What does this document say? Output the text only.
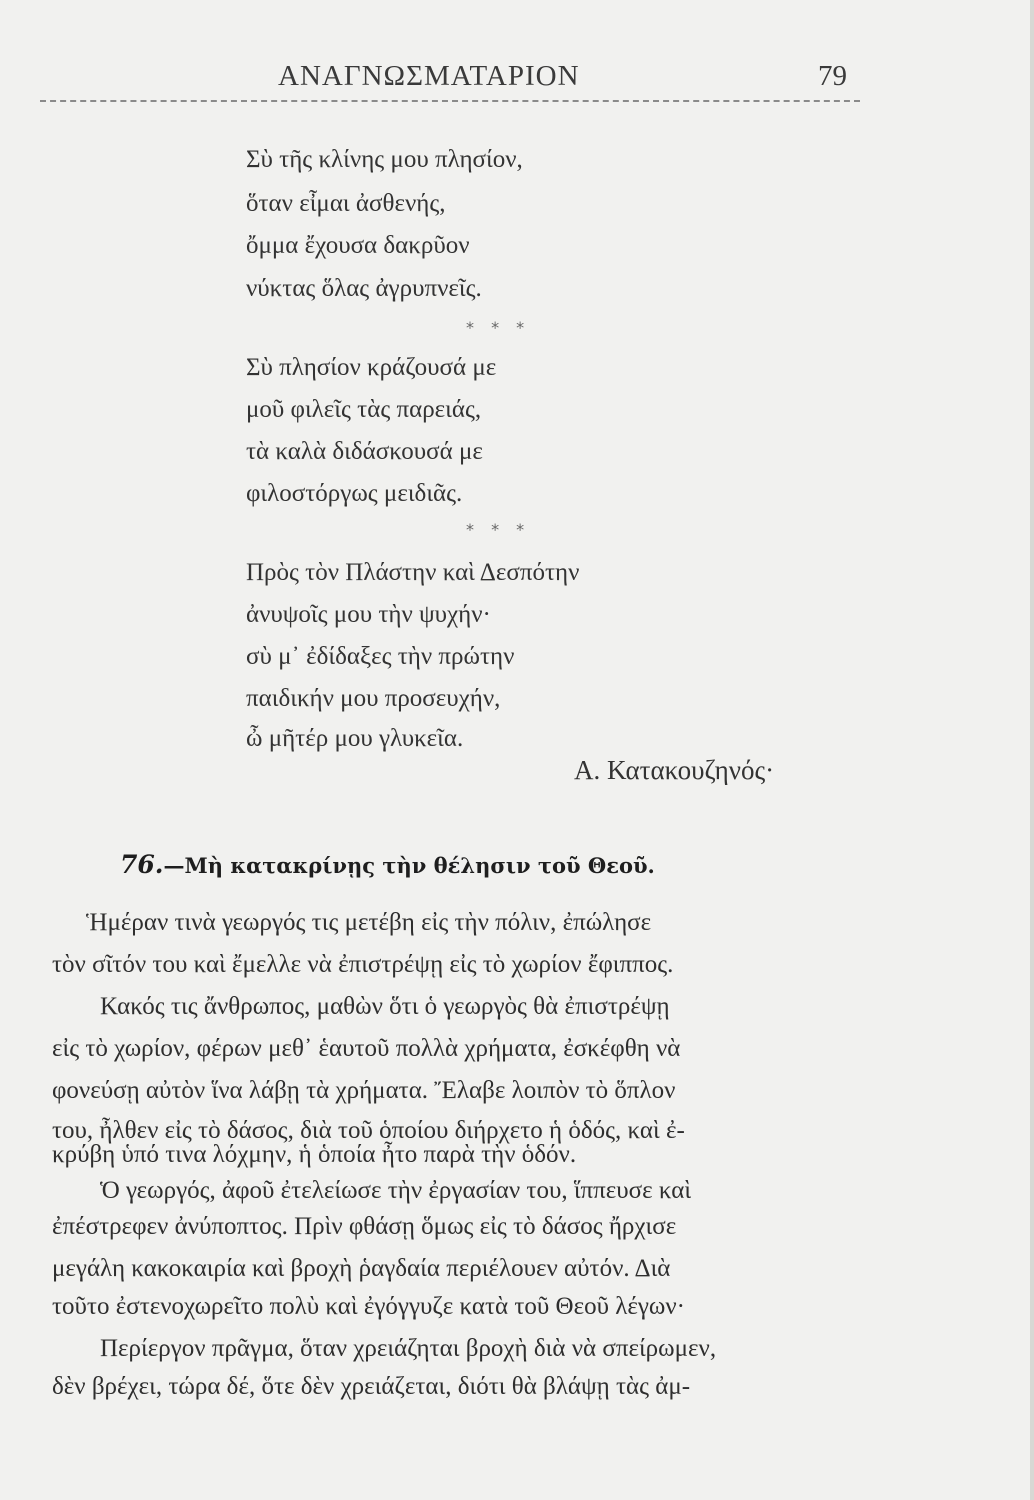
ΑΝΑΓΝΩΣΜΑΤΑΡΙΟΝ	79
Σὺ τῆς κλίνης μου πλησίον,
ὅταν εἶμαι ἀσθενής,
ὄμμα ἔχουσα δακρῦον
νύκτας ὅλας ἀγρυπνεῖς.
* * *
Σὺ πλησίον κράζουσά με
μοῦ φιλεῖς τὰς παρειάς,
τὰ καλὰ διδάσκουσά με
φιλοστόργως μειδιᾶς.
* * *
Πρὸς τὸν Πλάστην καὶ Δεσπότην
ἀνυψοῖς μου τὴν ψυχήν·
σὺ μ᾽ ἐδίδαξες τὴν πρώτην
παιδικήν μου προσευχήν,
ὦ μῆτέρ μου γλυκεῖα.
Α. Κατακουζηνός·
76.—Μὴ κατακρίνῃς τὴν θέλησιν τοῦ Θεοῦ.
Ἡμέραν τινὰ γεωργός τις μετέβη εἰς τὴν πόλιν, ἐπώλησε
τὸν σῖτόν του καὶ ἔμελλε νὰ ἐπιστρέψῃ εἰς τὸ χωρίον ἔφιππος.
Κακός τις ἄνθρωπος, μαθὼν ὅτι ὁ γεωργὸς θὰ ἐπιστρέψῃ
εἰς τὸ χωρίον, φέρων μεθ᾽ ἑαυτοῦ πολλὰ χρήματα, ἐσκέφθη νὰ
φονεύσῃ αὐτὸν ἵνα λάβῃ τὰ χρήματα. Ἔλαβε λοιπὸν τὸ ὅπλον
του, ἦλθεν εἰς τὸ δάσος, διὰ τοῦ ὁποίου διήρχετο ἡ ὁδός, καὶ ἐ-
κρύβη ὑπό τινα λόχμην, ἡ ὁποία ἦτο παρὰ τὴν ὁδόν.
Ὁ γεωργός, ἀφοῦ ἐτελείωσε τὴν ἐργασίαν του, ἵππευσε καὶ
ἐπέστρεφεν ἀνύποπτος. Πρὶν φθάσῃ ὅμως εἰς τὸ δάσος ἤρχισε
μεγάλη κακοκαιρία καὶ βροχὴ ῥαγδαία περιέλουεν αὐτόν. Διὰ
τοῦτο ἐστενοχωρεῖτο πολὺ καὶ ἐγόγγυζε κατὰ τοῦ Θεοῦ λέγων·
Περίεργον πρᾶγμα, ὅταν χρειάζηται βροχὴ διὰ νὰ σπείρωμεν,
δὲν βρέχει, τώρα δέ, ὅτε δὲν χρειάζεται, διότι θὰ βλάψῃ τὰς ἀμ-
